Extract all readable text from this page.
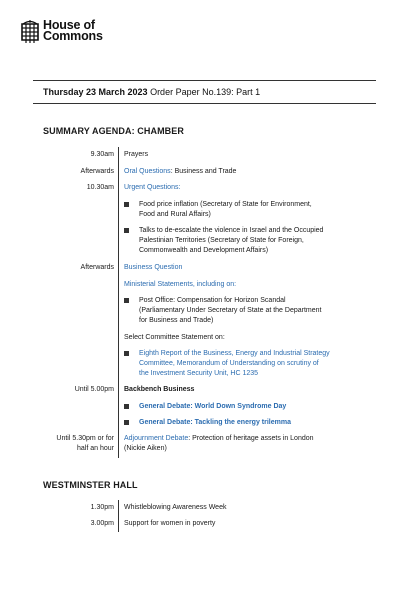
House of
Commons
Thursday 23 March 2023 Order Paper No.139: Part 1
SUMMARY AGENDA: CHAMBER
9.30am Prayers
Afterwards Oral Questions: Business and Trade
10.30am Urgent Questions:
Food price inflation (Secretary of State for Environment,
Food and Rural Affairs)
Talks to de-escalate the violence in Israel and the Occupied
Palestinian Territories (Secretary of State for Foreign,
Commonwealth and Development Affairs)
Afterwards Business Question
Ministerial Statements, including on:
Post Office: Compensation for Horizon Scandal
(Parliamentary Under Secretary of State at the Department
for Business and Trade)
Select Committee Statement on:
Eighth Report of the Business, Energy and Industrial Strategy
Committee, Memorandum of Understanding on scrutiny of
the Investment Security Unit, HC 1235
Until 5.00pm Backbench Business
General Debate: World Down Syndrome Day
General Debate: Tackling the energy trilemma
Until 5.30pm or for
half an hour
Adjournment Debate: Protection of heritage assets in London
(Nickie Aiken)
WESTMINSTER HALL
1.30pm Whistleblowing Awareness Week
3.00pm Support for women in poverty
